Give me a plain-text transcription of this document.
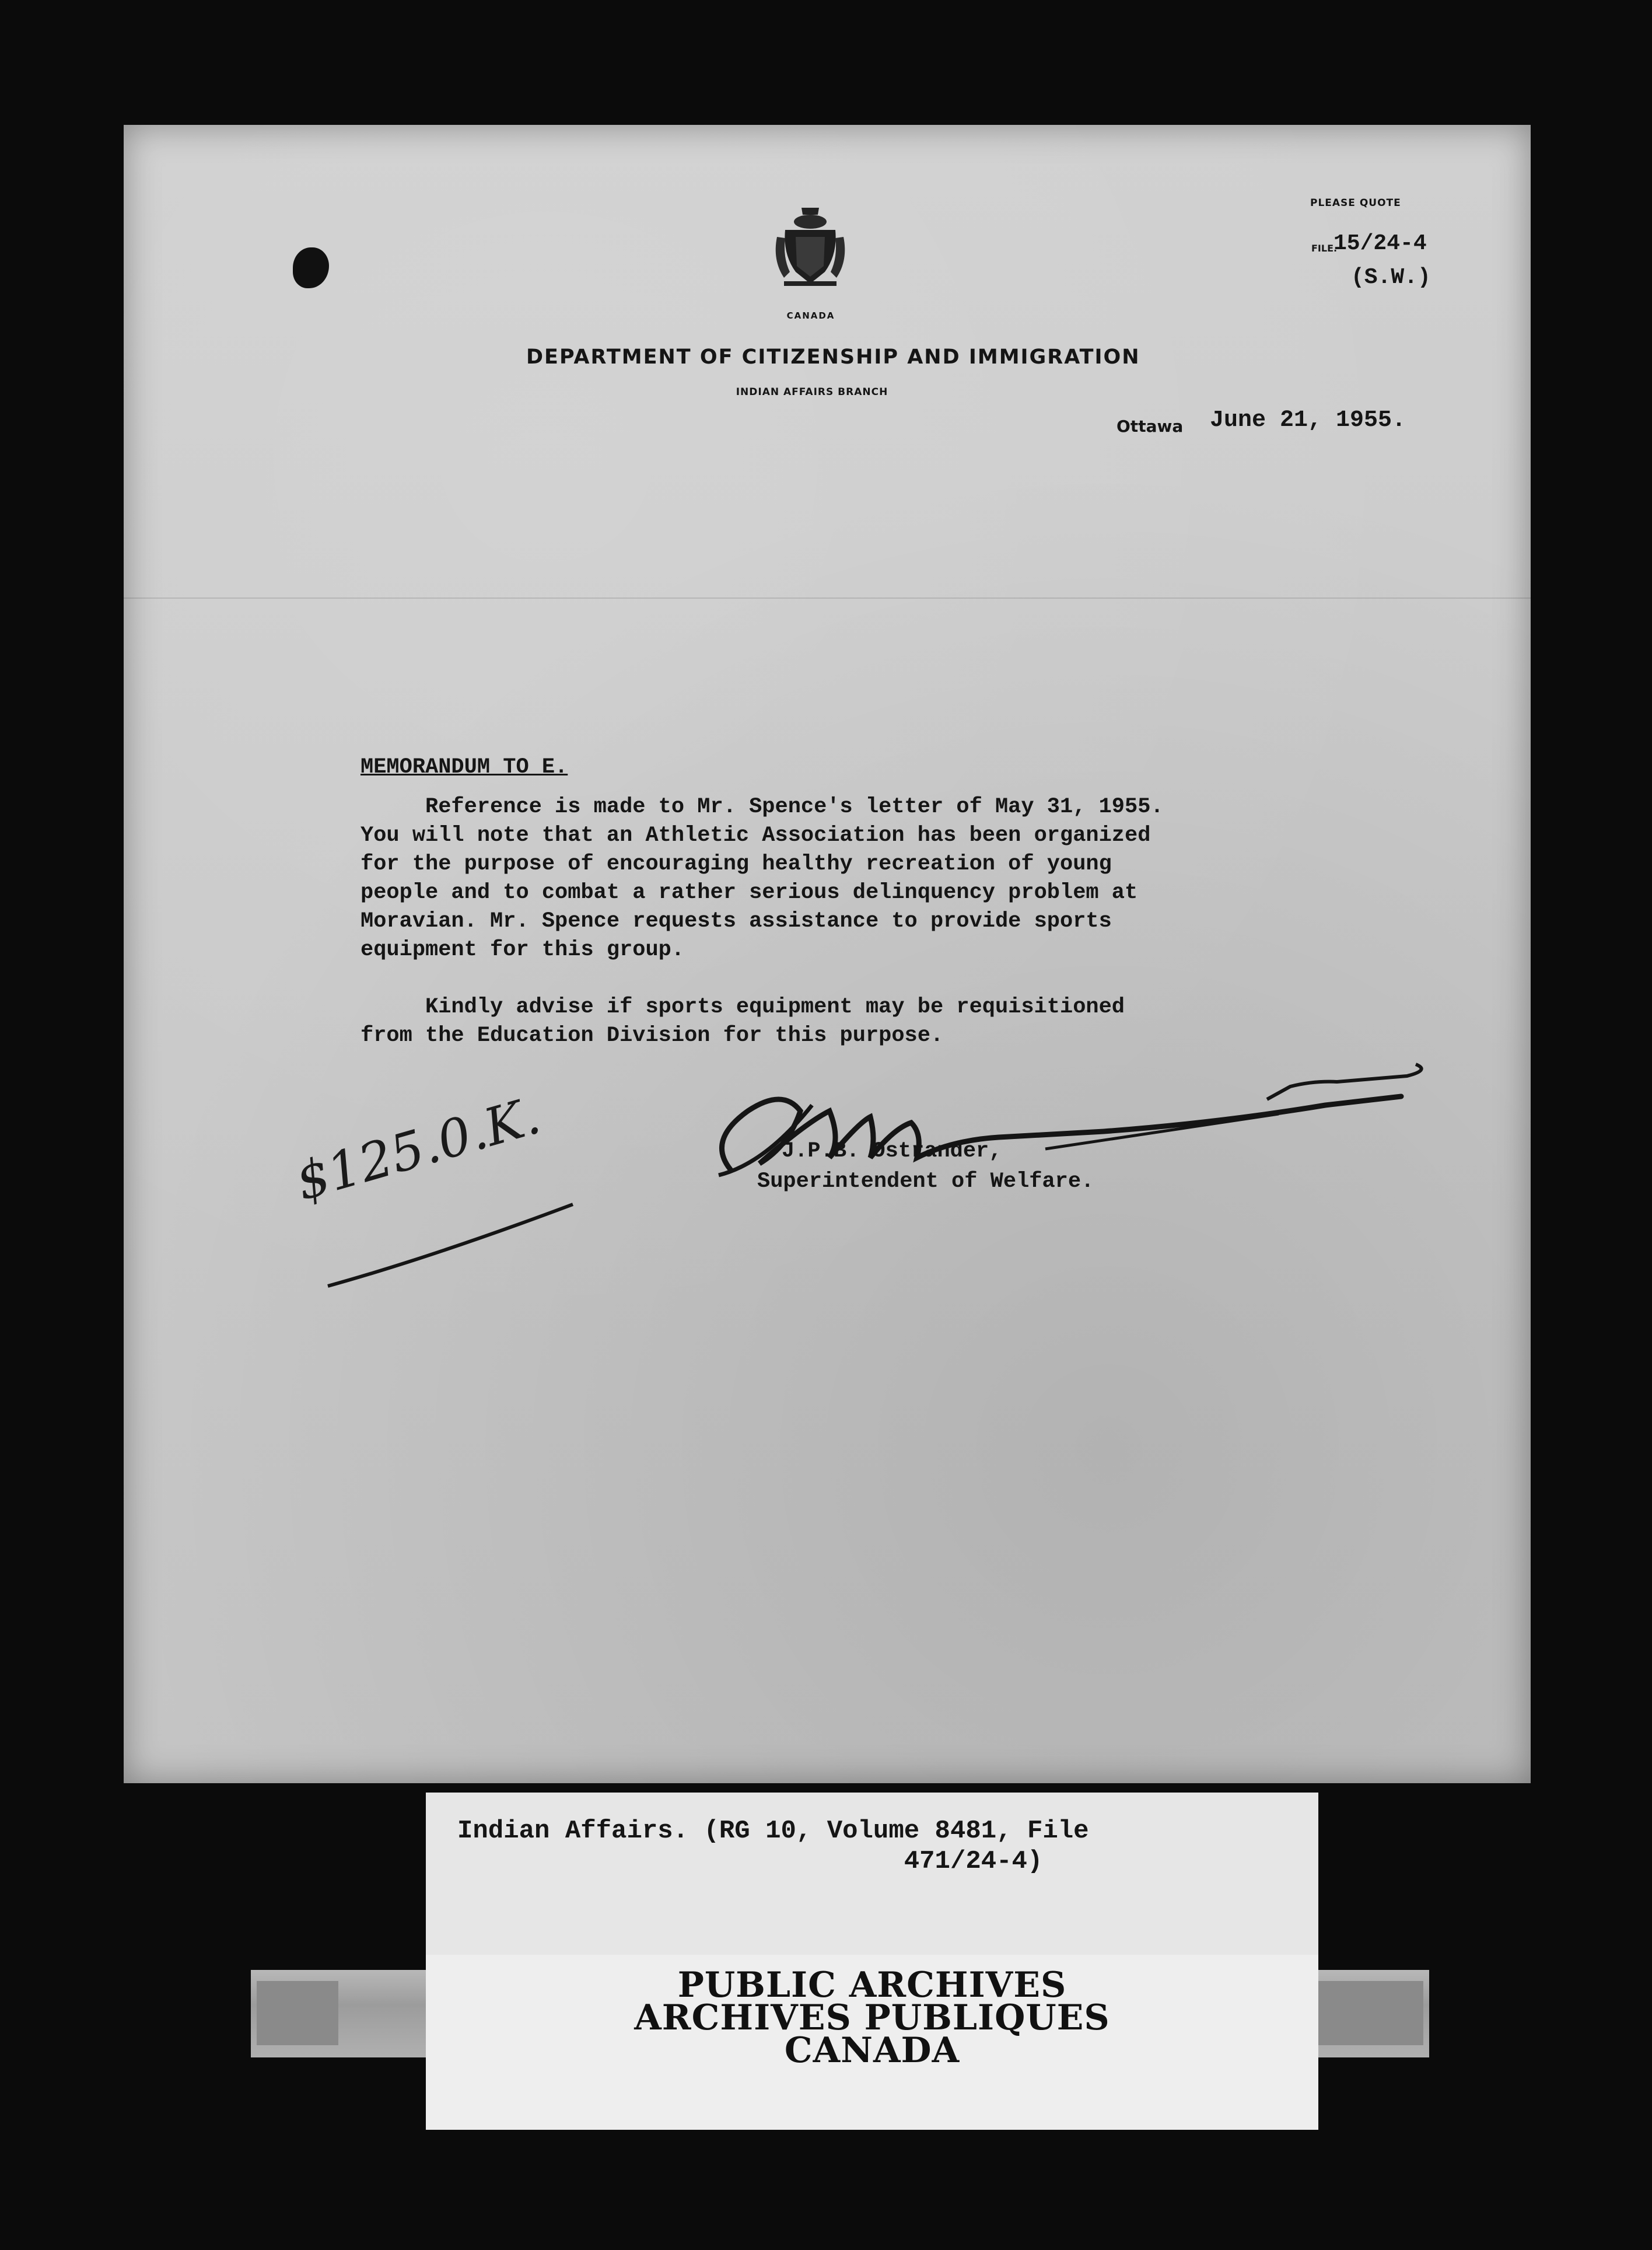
CANADA
DEPARTMENT OF CITIZENSHIP AND IMMIGRATION
INDIAN AFFAIRS BRANCH
PLEASE QUOTE
FILE.
15/24-4
(S.W.)
Ottawa June 21, 1955.
MEMORANDUM TO E.
Reference is made to Mr. Spence's letter of May 31, 1955.
You will note that an Athletic Association has been organized
for the purpose of encouraging healthy recreation of young
people and to combat a rather serious delinquency problem at
Moravian. Mr. Spence requests assistance to provide sports
equipment for this group.
Kindly advise if sports equipment may be requisitioned
from the Education Division for this purpose.
J.P.B. Ostrander,
Superintendent of Welfare.
$125.0.K.
Indian Affairs. (RG 10, Volume 8481, File
471/24-4)
PUBLIC ARCHIVES
ARCHIVES PUBLIQUES
CANADA
